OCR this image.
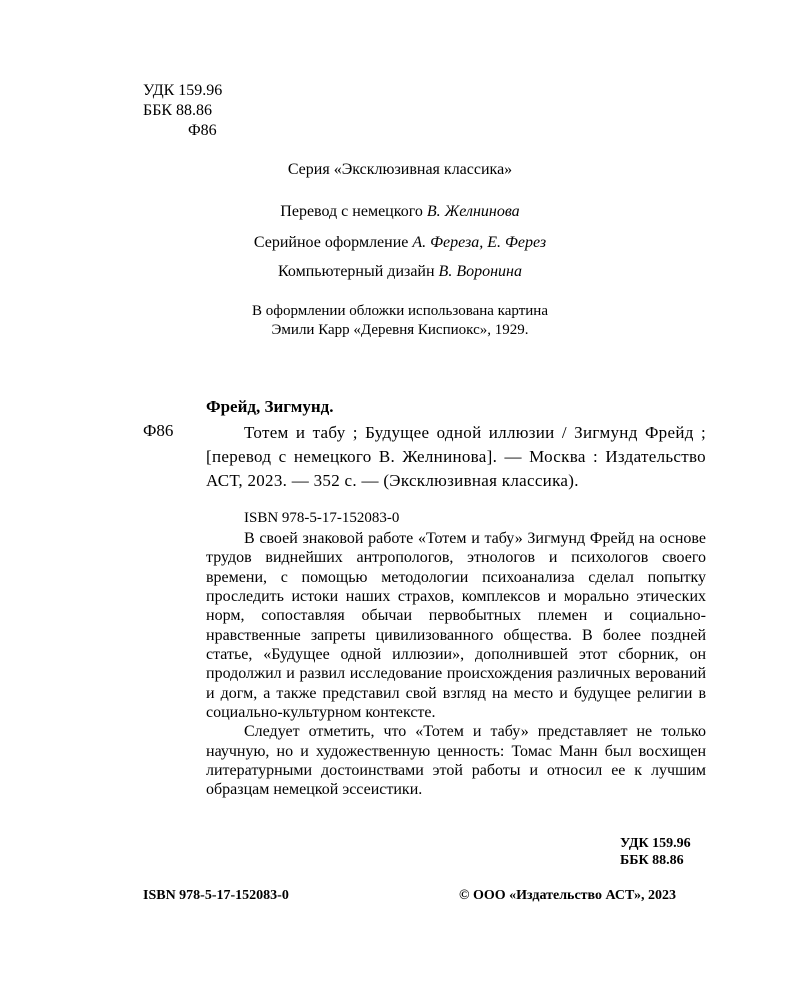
УДК 159.96
ББК 88.86
Ф86
Серия «Эксклюзивная классика»
Перевод с немецкого В. Желнинова
Серийное оформление А. Фереза, Е. Ферез
Компьютерный дизайн В. Воронина
В оформлении обложки использована картина
Эмили Карр «Деревня Киспиокс», 1929.
Фрейд, Зигмунд.
Ф86	Тотем и табу ; Будущее одной иллюзии / Зигмунд Фрейд ; [перевод с немецкого В. Желнинова]. — Москва : Издательство АСТ, 2023. — 352 с. — (Эксклюзивная классика).
ISBN 978-5-17-152083-0

В своей знаковой работе «Тотем и табу» Зигмунд Фрейд на основе трудов виднейших антропологов, этнологов и психологов своего времени, с помощью методологии психоанализа сделал попытку проследить истоки наших страхов, комплексов и морально этических норм, сопоставляя обычаи первобытных племен и социально-нравственные запреты цивилизованного общества. В более поздней статье, «Будущее одной иллюзии», дополнившей этот сборник, он продолжил и развил исследование происхождения различных верований и догм, а также представил свой взгляд на место и будущее религии в социально-культурном контексте.

Следует отметить, что «Тотем и табу» представляет не только научную, но и художественную ценность: Томас Манн был восхищен литературными достоинствами этой работы и относил ее к лучшим образцам немецкой эссеистики.

УДК 159.96
ББК 88.86
ISBN 978-5-17-152083-0	© ООО «Издательство АСТ», 2023
